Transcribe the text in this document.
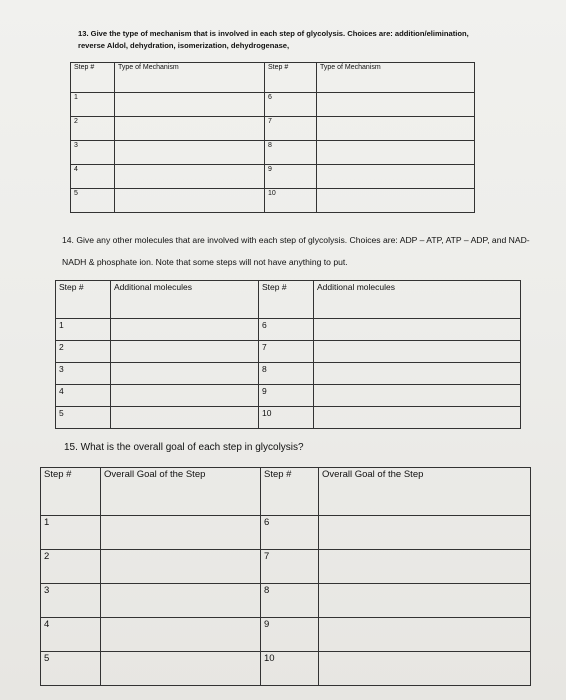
13. Give the type of mechanism that is involved in each step of glycolysis. Choices are: addition/elimination, reverse Aldol, dehydration, isomerization, dehydrogenase,

Step #	Type of Mechanism	Step #	Type of Mechanism
1		6	
2		7	
3		8	
4		9	
5		10	

14. Give any other molecules that are involved with each step of glycolysis. Choices are: ADP – ATP, ATP – ADP, and NAD-NADH & phosphate ion. Note that some steps will not have anything to put.

Step #	Additional molecules	Step #	Additional molecules
1		6	
2		7	
3		8	
4		9	
5		10	

15. What is the overall goal of each step in glycolysis?

Step #	Overall Goal of the Step	Step #	Overall Goal of the Step
1		6	
2		7	
3		8	
4		9	
5		10	
